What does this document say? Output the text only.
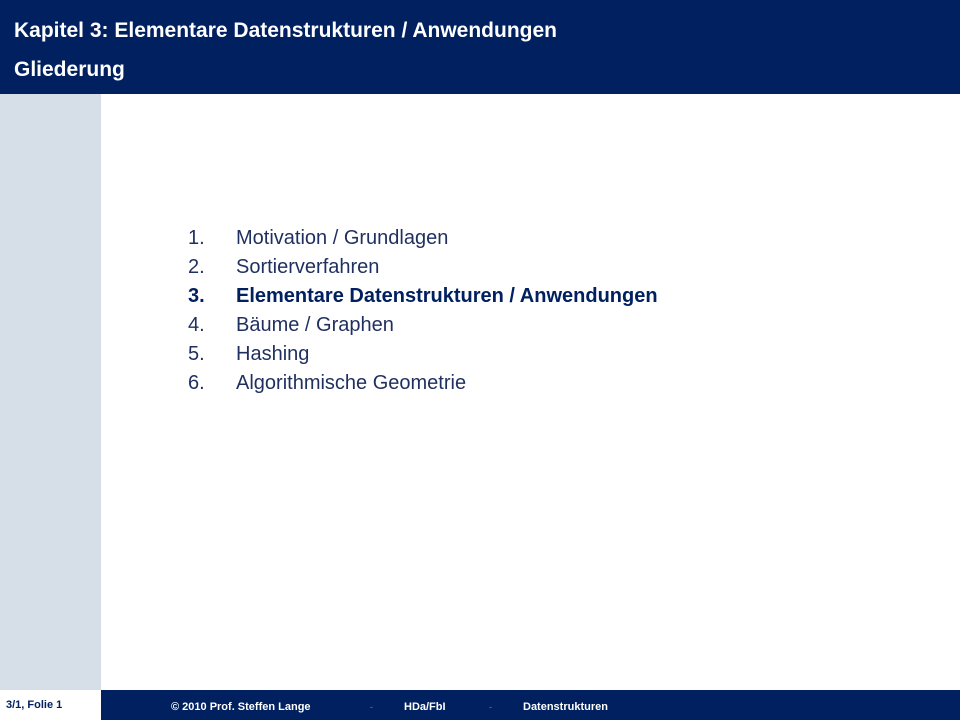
Kapitel 3: Elementare Datenstrukturen / Anwendungen
Gliederung
1. Motivation / Grundlagen
2. Sortierverfahren
3. Elementare Datenstrukturen / Anwendungen
4. Bäume / Graphen
5. Hashing
6. Algorithmische Geometrie
3/1, Folie 1	© 2010 Prof. Steffen Lange	-	HDa/FbI	-	Datenstrukturen
